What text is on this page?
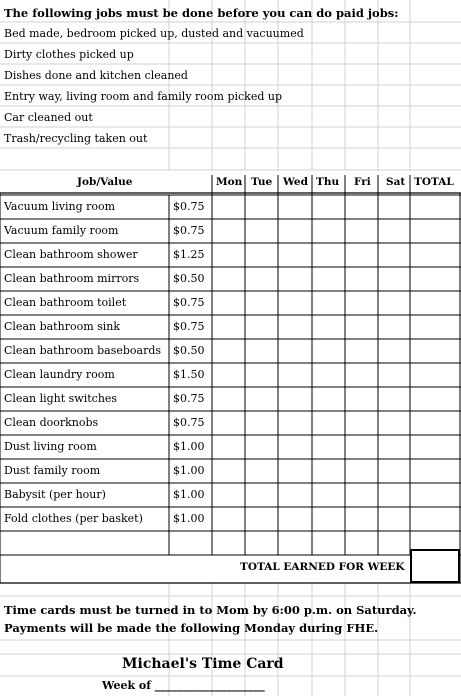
The following jobs must be done before you can do paid jobs:
Bed made, bedroom picked up, dusted and vacuumed
Dirty clothes picked up
Dishes done and kitchen cleaned
Entry way, living room and family room picked up
Car cleaned out
Trash/recycling taken out
Job/Value	Mon Tue Wed Thu Fri Sat TOTAL
Vacuum living room	$0.75
Vacuum family room	$0.75
Clean bathroom shower	$1.25
Clean bathroom mirrors	$0.50
Clean bathroom toilet	$0.75
Clean bathroom sink	$0.75
Clean bathroom baseboards $0.50
Clean laundry room	$1.50
Clean light switches	$0.75
Clean doorknobs	$0.75
Dust living room	$1.00
Dust family room	$1.00
Babysit (per hour)	$1.00
Fold clothes (per basket)	$1.00
TOTAL EARNED FOR WEEK
Time cards must be turned in to Mom by 6:00 p.m. on Saturday.
Payments will be made the following Monday during FHE.
Michael's Time Card
Week of ____________________
